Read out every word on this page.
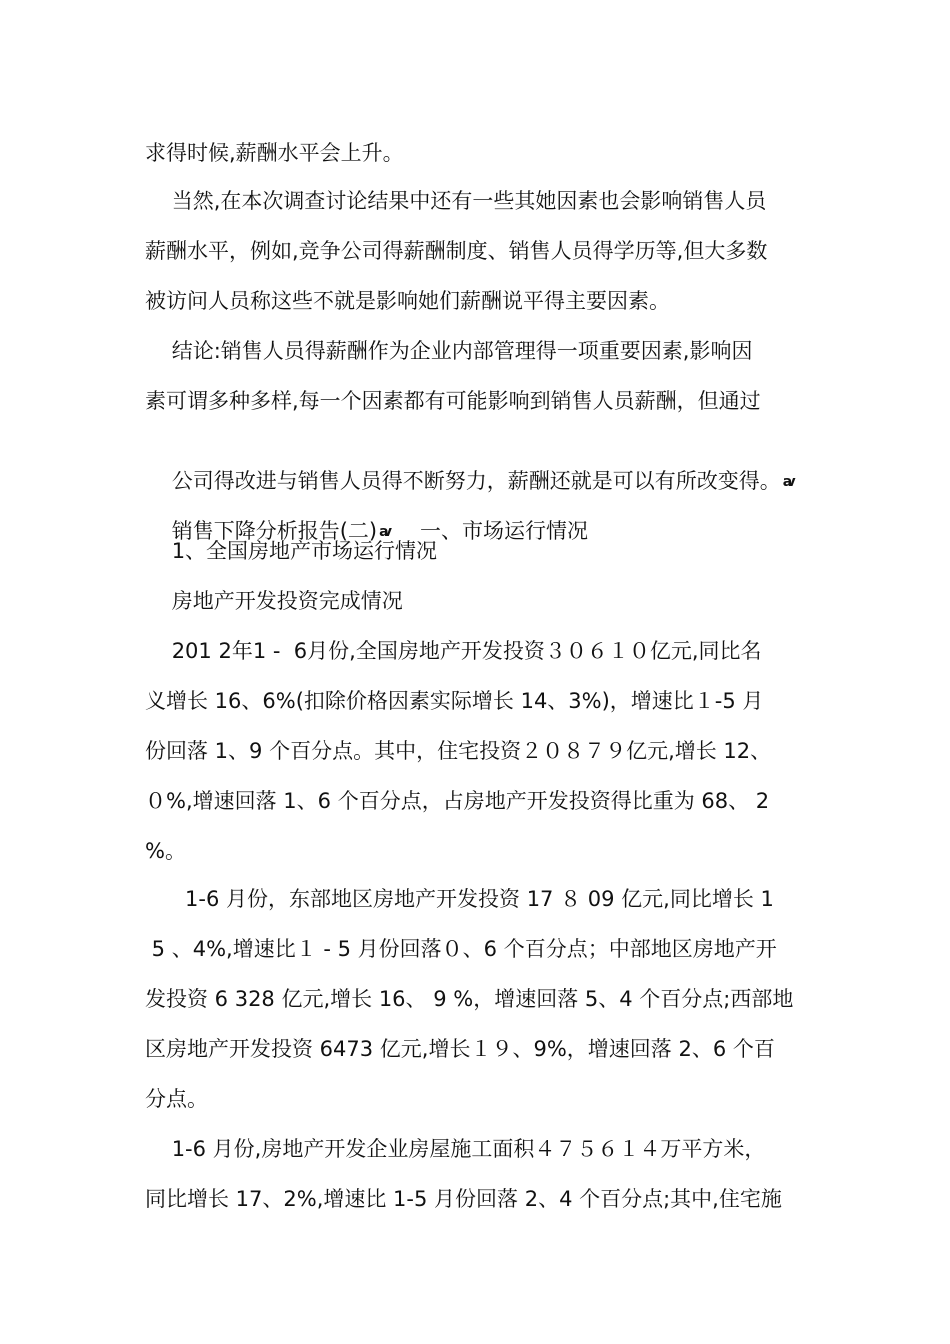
求得时候,薪酬水平会上升。
当然,在本次调查讨论结果中还有一些其她因素也会影响销售人员
薪酬水平，例如,竞争公司得薪酬制度、销售人员得学历等,但大多数
被访问人员称这些不就是影响她们薪酬说平得主要因素。
结论:销售人员得薪酬作为企业内部管理得一项重要因素,影响因
素可谓多种多样,每一个因素都有可能影响到销售人员薪酬，但通过

公司得改进与销售人员得不断努力，薪酬还就是可以有所改变得。 ꜹ

销售下降分析报告(二) ꜹ 一、市场运行情况

1、全国房地产市场运行情况
房地产开发投资完成情况
201 2年1 -  6月份,全国房地产开发投资３０６１０亿元,同比名
义增长 16、6%(扣除价格因素实际增长 14、3%)，增速比１-5 月
份回落 1、9 个百分点。其中，住宅投资２０８７９亿元,增长 12、
０%,增速回落 1、6 个百分点，占房地产开发投资得比重为 68、 2
%。
1-6 月份，东部地区房地产开发投资 17 ８ 09 亿元,同比增长 1
5 、4%,增速比１ - 5 月份回落０、6 个百分点；中部地区房地产开
发投资 6 328 亿元,增长 16、 9 %，增速回落 5、4 个百分点;西部地
区房地产开发投资 6473 亿元,增长１９、9%，增速回落 2、6 个百
分点。
1-6 月份,房地产开发企业房屋施工面积４７５６１４万平方米，
同比增长 17、2%,增速比 1-5 月份回落 2、4 个百分点;其中,住宅施
